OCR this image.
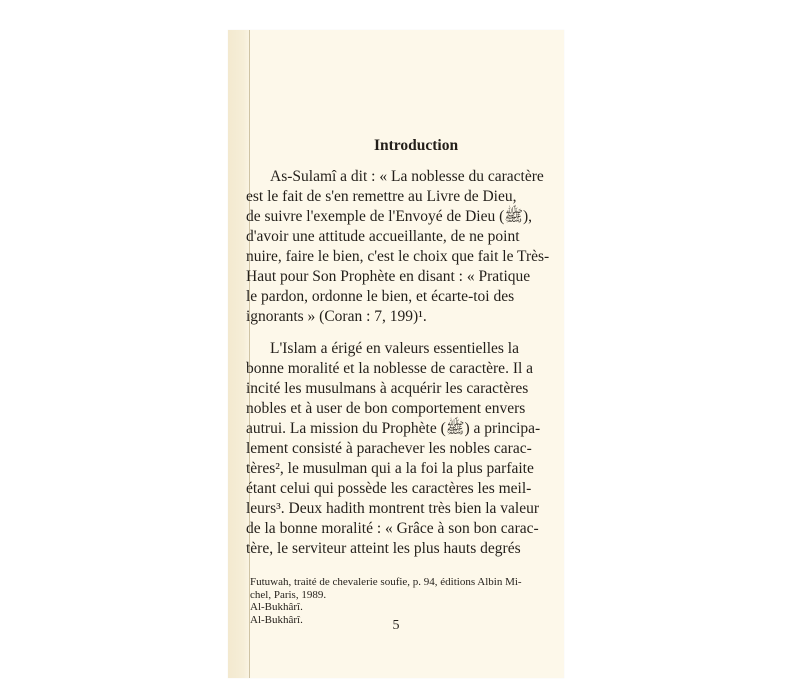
Introduction

As-Sulamî a dit : « La noblesse du caractère
est le fait de s'en remettre au Livre de Dieu,
de suivre l'exemple de l'Envoyé de Dieu (ﷺ),
d'avoir une attitude accueillante, de ne point
nuire, faire le bien, c'est le choix que fait le Très-
Haut pour Son Prophète en disant : « Pratique
le pardon, ordonne le bien, et écarte-toi des
ignorants » (Coran : 7, 199)¹.

L'Islam a érigé en valeurs essentielles la
bonne moralité et la noblesse de caractère. Il a
incité les musulmans à acquérir les caractères
nobles et à user de bon comportement envers
autrui. La mission du Prophète (ﷺ) a principa-
lement consisté à parachever les nobles carac-
tères², le musulman qui a la foi la plus parfaite
étant celui qui possède les caractères les meil-
leurs³. Deux hadith montrent très bien la valeur
de la bonne moralité : « Grâce à son bon carac-
tère, le serviteur atteint les plus hauts degrés

Futuwah, traité de chevalerie soufie, p. 94, éditions Albin Mi-
chel, Paris, 1989.
Al-Bukhârî.
Al-Bukhârî.	5
